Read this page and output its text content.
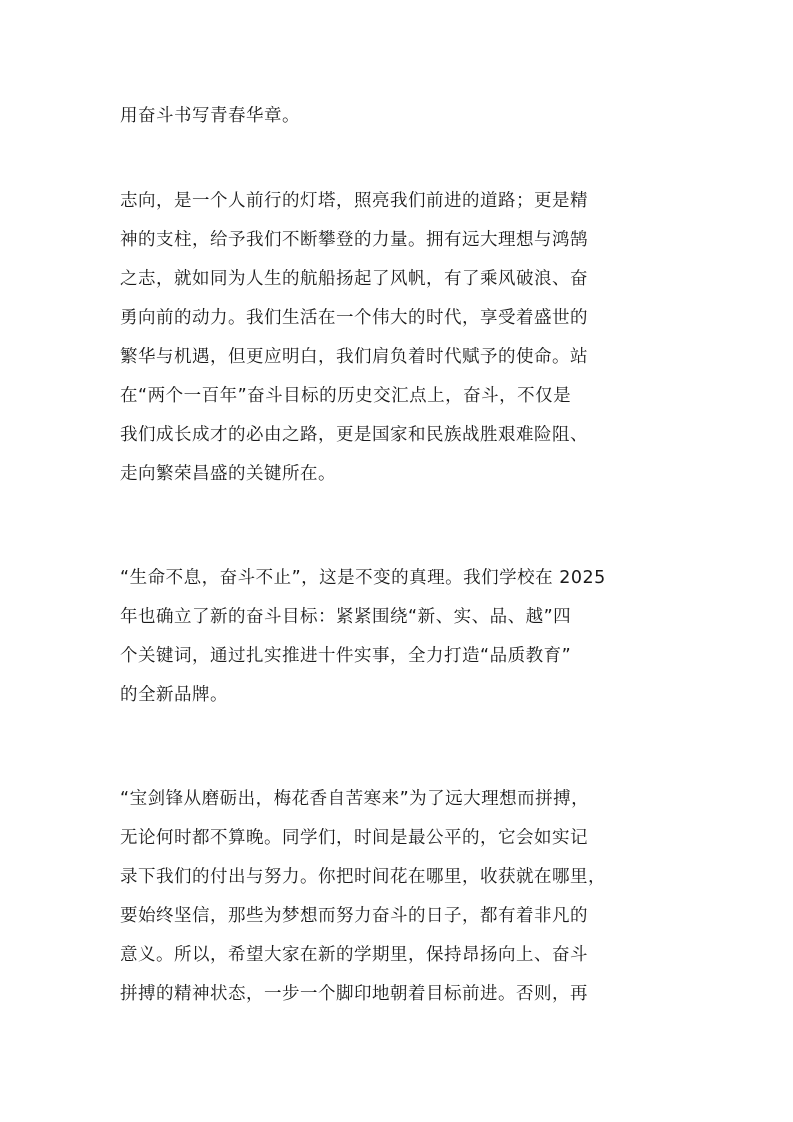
用奋斗书写青春华章。
志向，是一个人前行的灯塔，照亮我们前进的道路；更是精
神的支柱，给予我们不断攀登的力量。拥有远大理想与鸿鹄
之志，就如同为人生的航船扬起了风帆，有了乘风破浪、奋
勇向前的动力。我们生活在一个伟大的时代，享受着盛世的
繁华与机遇，但更应明白，我们肩负着时代赋予的使命。站
在“两个一百年”奋斗目标的历史交汇点上，奋斗，不仅是
我们成长成才的必由之路，更是国家和民族战胜艰难险阻、
走向繁荣昌盛的关键所在。
“生命不息，奋斗不止”，这是不变的真理。我们学校在 2025
年也确立了新的奋斗目标：紧紧围绕“新、实、品、越”四
个关键词，通过扎实推进十件实事，全力打造“品质教育”
的全新品牌。
“宝剑锋从磨砺出，梅花香自苦寒来”为了远大理想而拼搏，
无论何时都不算晚。同学们，时间是最公平的，它会如实记
录下我们的付出与努力。你把时间花在哪里，收获就在哪里，
要始终坚信，那些为梦想而努力奋斗的日子，都有着非凡的
意义。所以，希望大家在新的学期里，保持昂扬向上、奋斗
拼搏的精神状态，一步一个脚印地朝着目标前进。否则，再
